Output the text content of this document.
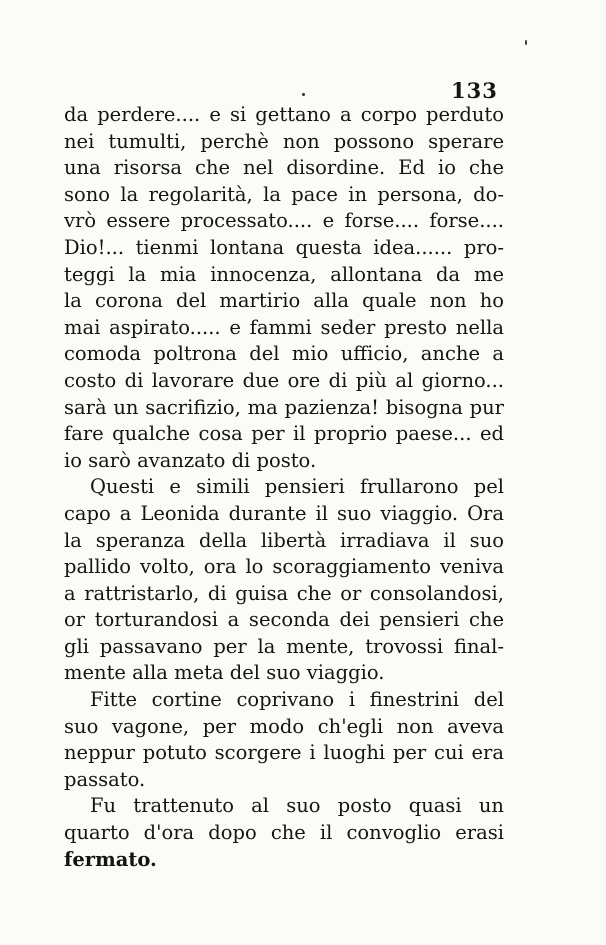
133
da perdere.... e si gettano a corpo perduto
nei tumulti, perchè non possono sperare
una risorsa che nel disordine. Ed io che
sono la regolarità, la pace in persona, do-
vrò essere processato.... e forse.... forse....
Dio!... tienmi lontana questa idea...... pro-
teggi la mia innocenza, allontana da me
la corona del martirio alla quale non ho
mai aspirato..... e fammi seder presto nella
comoda poltrona del mio ufficio, anche a
costo di lavorare due ore di più al giorno...
sarà un sacrifizio, ma pazienza! bisogna pur
fare qualche cosa per il proprio paese... ed
io sarò avanzato di posto.
Questi e simili pensieri frullarono pel
capo a Leonida durante il suo viaggio. Ora
la speranza della libertà irradiava il suo
pallido volto, ora lo scoraggiamento veniva
a rattristarlo, di guisa che or consolandosi,
or torturandosi a seconda dei pensieri che
gli passavano per la mente, trovossi final-
mente alla meta del suo viaggio.
Fitte cortine coprivano i finestrini del
suo vagone, per modo ch'egli non aveva
neppur potuto scorgere i luoghi per cui era
passato.
Fu trattenuto al suo posto quasi un
quarto d'ora dopo che il convoglio erasi
fermato.
